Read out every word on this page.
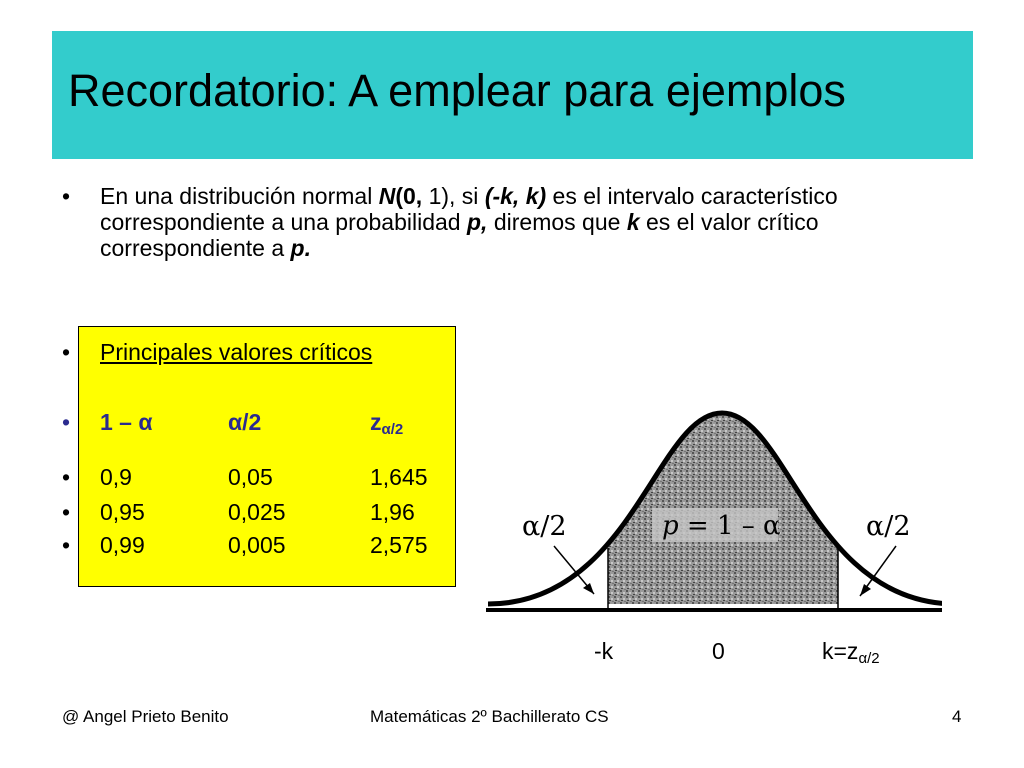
Recordatorio: A emplear para ejemplos
•	En una distribución normal N(0, 1), si (-k, k) es el intervalo característico correspondiente a una probabilidad p, diremos que k es el valor crítico correspondiente a p.
•	Principales valores críticos
•	1 – α	α/2	$z_{\alpha/2}$
•	0,9	0,05	1,645
•	0,95	0,025	1,96
•	0,99	0,005	2,575
α/2	p = 1 – α	α/2
-k	0	$k=z_{\alpha/2}$
@ Angel Prieto Benito	Matemáticas 2º Bachillerato CS	4
